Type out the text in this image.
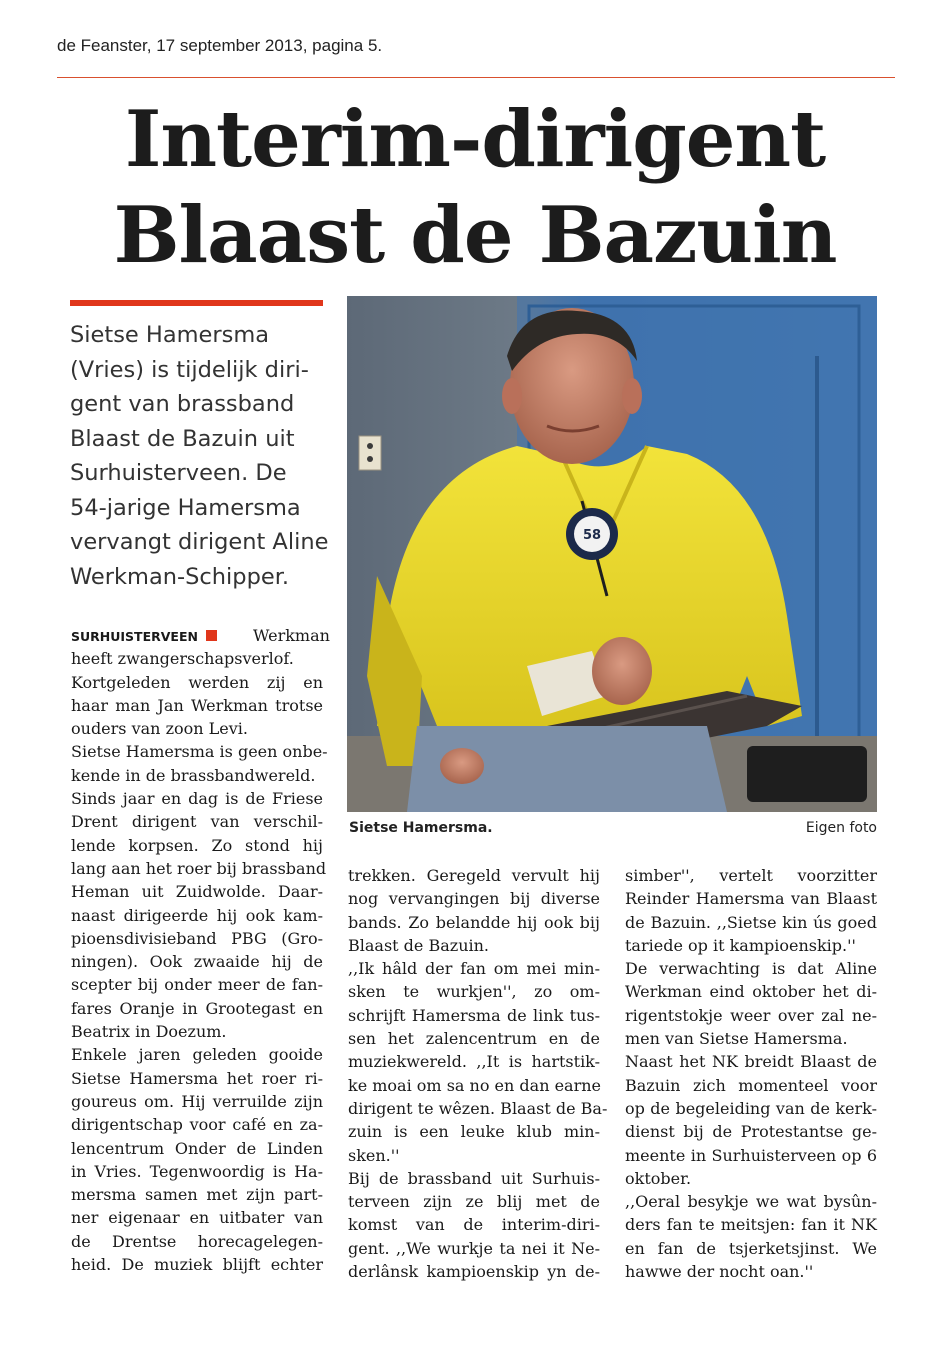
de Feanster, 17 september 2013, pagina 5.
Interim-dirigent
Blaast de Bazuin
Sietse Hamersma
(Vries) is tijdelijk diri-
gent van brassband
Blaast de Bazuin uit
Surhuisterveen. De
54-jarige Hamersma
vervangt dirigent Aline
Werkman-Schipper.
58
Sietse Hamersma.	Eigen foto
SURHUISTERVEEN	Werkman
heeft zwangerschapsverlof.
Kortgeleden werden zij en
haar man Jan Werkman trotse
ouders van zoon Levi.
Sietse Hamersma is geen onbe-
kende in de brassbandwereld.
Sinds jaar en dag is de Friese
Drent dirigent van verschil-
lende korpsen. Zo stond hij
lang aan het roer bij brassband
Heman uit Zuidwolde. Daar-
naast dirigeerde hij ook kam-
pioensdivisieband PBG (Gro-
ningen). Ook zwaaide hij de
scepter bij onder meer de fan-
fares Oranje in Grootegast en
Beatrix in Doezum.
Enkele jaren geleden gooide
Sietse Hamersma het roer ri-
goureus om. Hij verruilde zijn
dirigentschap voor café en za-
lencentrum Onder de Linden
in Vries. Tegenwoordig is Ha-
mersma samen met zijn part-
ner eigenaar en uitbater van
de Drentse horecagelegen-
heid. De muziek blijft echter
trekken. Geregeld vervult hij
nog vervangingen bij diverse
bands. Zo belandde hij ook bij
Blaast de Bazuin.
,,Ik hâld der fan om mei min-
sken te wurkjen'', zo om-
schrijft Hamersma de link tus-
sen het zalencentrum en de
muziekwereld. ,,It is hartstik-
ke moai om sa no en dan earne
dirigent te wêzen. Blaast de Ba-
zuin is een leuke klub min-
sken.''
Bij de brassband uit Surhuis-
terveen zijn ze blij met de
komst van de interim-diri-
gent. ,,We wurkje ta nei it Ne-
derlânsk kampioenskip yn de-
simber'', vertelt voorzitter
Reinder Hamersma van Blaast
de Bazuin. ,,Sietse kin ús goed
tariede op it kampioenskip.''
De verwachting is dat Aline
Werkman eind oktober het di-
rigentstokje weer over zal ne-
men van Sietse Hamersma.
Naast het NK breidt Blaast de
Bazuin zich momenteel voor
op de begeleiding van de kerk-
dienst bij de Protestantse ge-
meente in Surhuisterveen op 6
oktober.
,,Oeral besykje we wat bysûn-
ders fan te meitsjen: fan it NK
en fan de tsjerketsjinst. We
hawwe der nocht oan.''
